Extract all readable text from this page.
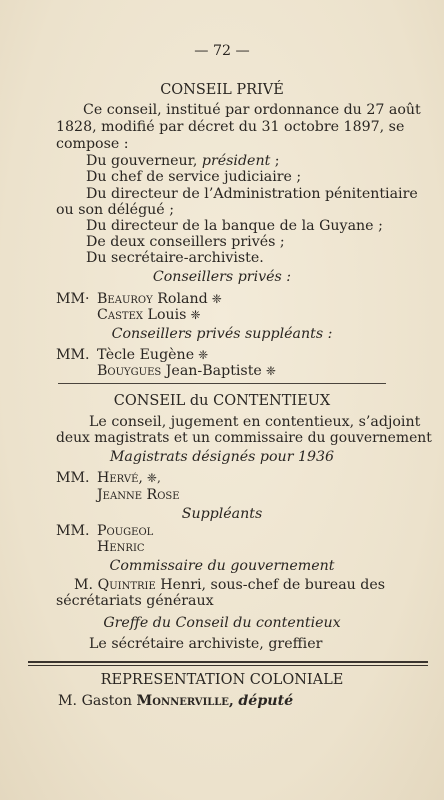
— 72 —
CONSEIL PRIVÉ
Ce conseil, institué par ordonnance du 27 août
1828, modifié par décret du 31 octobre 1897, se
compose :
Du gouverneur, président ;
Du chef de service judiciaire ;
Du directeur de l’Administration pénitentiaire
ou son délégué ;
Du directeur de la banque de la Guyane ;
De deux conseillers privés ;
Du secrétaire-archiviste.
Conseillers privés :
MM· Beauroy Roland ❈
Castex Louis ❈
Conseillers privés suppléants :
MM. Tècle Eugène ❈
Bouygues Jean-Baptiste ❈
CONSEIL du CONTENTIEUX
Le conseil, jugement en contentieux, s’adjoint
deux magistrats et un commissaire du gouvernement
Magistrats désignés pour 1936
MM. Hervé, ❈,
Jeanne Rose
Suppléants
MM. Pougeol
Henric
Commissaire du gouvernement
M. Quintrie Henri, sous-chef de bureau des
sécrétariats généraux
Greffe du Conseil du contentieux
Le sécrétaire archiviste, greffier
REPRESENTATION COLONIALE
M. Gaston Monnerville, député
